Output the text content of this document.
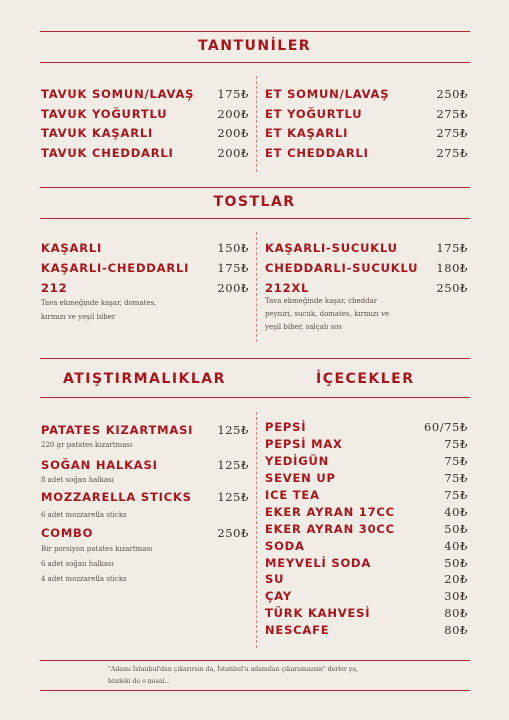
TANTUNİLER
TOSTLAR
ATIŞTIRMALIKLAR	İÇECEKLER
TAVUK SOMUN/LAVAŞ 175₺
TAVUK YOĞURTLU	200₺
TAVUK KAŞARLI	200₺
TAVUK CHEDDARLI	200₺
ET SOMUN/LAVAŞ	250₺
ET YOĞURTLU	275₺
ET KAŞARLI	275₺
ET CHEDDARLI	275₺
KAŞARLI	150₺
KAŞARLI-CHEDDARLI 175₺
212	200₺
Tava ekmeğinde kaşar, domates,
kırmızı ve yeşil biber
KAŞARLI-SUCUKLU	175₺
CHEDDARLI-SUCUKLU 180₺
212XL	250₺
Tava ekmeğinde kaşar, cheddar
peyniri, sucuk, domates, kırmızı ve
yeşil biber, salçalı sos
PATATES KIZARTMASI 125₺
220 gr patates kızartması
SOĞAN HALKASI	125₺
8 adet soğan halkası
MOZZARELLA STICKS 125₺
6 adet mozzarella sticks
COMBO	250₺
Bir porsiyon patates kızartması
6 adet soğan halkası
4 adet mozzarella sticks
PEPSİ	60/75₺
PEPSİ MAX	75₺
YEDİGÜN	75₺
SEVEN UP	75₺
ICE TEA	75₺
EKER AYRAN 17CC	40₺
EKER AYRAN 30CC	50₺
SODA	40₺
MEYVELİ SODA	50₺
SU	20₺
ÇAY	30₺
TÜRK KAHVESİ	80₺
NESCAFE	80₺
"Adamı İstanbul'dan çıkarırsın da, İstanbul'u adamdan çıkaramazsın" derler ya,
bizdeki de o misal...
